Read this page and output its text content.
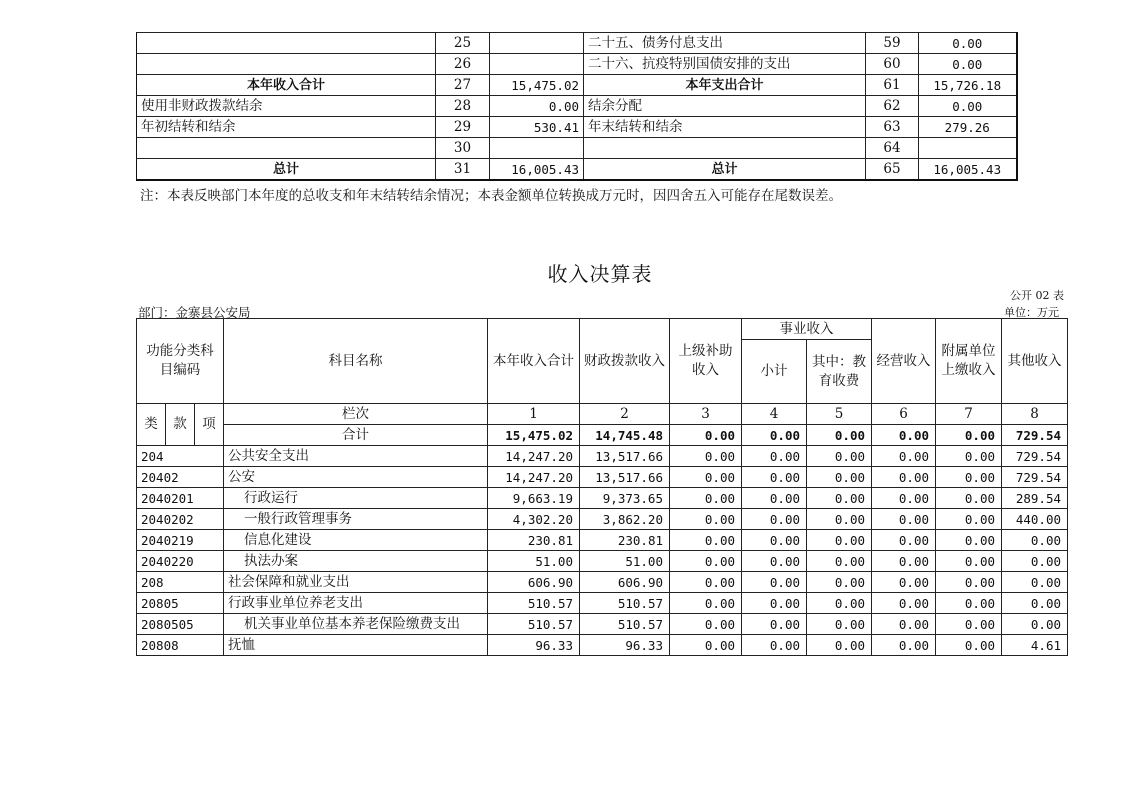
	25		二十五、债务付息支出	59	0.00
	26		二十六、抗疫特别国债安排的支出	60	0.00
本年收入合计	27	15,475.02	本年支出合计	61	15,726.18
使用非财政拨款结余	28	0.00	结余分配	62	0.00
年初结转和结余	29	530.41	年末结转和结余	63	279.26
	30			64	
总计	31	16,005.43	总计	65	16,005.43
注：本表反映部门本年度的总收支和年末结转结余情况；本表金额单位转换成万元时，因四舍五入可能存在尾数误差。
收入决算表
公开 02 表
部门：金寨县公安局	单位：万元
功能分类科目编码			科目名称	本年收入合计	财政拨款收入	上级补助收入	事业收入		经营收入	附属单位上缴收入	其他收入
							小计	其中：教育收费			
类	款	项	栏次	1	2	3	4	5	6	7	8
			合计	15,475.02	14,745.48	0.00	0.00	0.00	0.00	0.00	729.54
204			公共安全支出	14,247.20	13,517.66	0.00	0.00	0.00	0.00	0.00	729.54
20402			公安	14,247.20	13,517.66	0.00	0.00	0.00	0.00	0.00	729.54
2040201			行政运行	9,663.19	9,373.65	0.00	0.00	0.00	0.00	0.00	289.54
2040202			一般行政管理事务	4,302.20	3,862.20	0.00	0.00	0.00	0.00	0.00	440.00
2040219			信息化建设	230.81	230.81	0.00	0.00	0.00	0.00	0.00	0.00
2040220			执法办案	51.00	51.00	0.00	0.00	0.00	0.00	0.00	0.00
208			社会保障和就业支出	606.90	606.90	0.00	0.00	0.00	0.00	0.00	0.00
20805			行政事业单位养老支出	510.57	510.57	0.00	0.00	0.00	0.00	0.00	0.00
2080505			机关事业单位基本养老保险缴费支出	510.57	510.57	0.00	0.00	0.00	0.00	0.00	0.00
20808			抚恤	96.33	96.33	0.00	0.00	0.00	0.00	0.00	4.61
